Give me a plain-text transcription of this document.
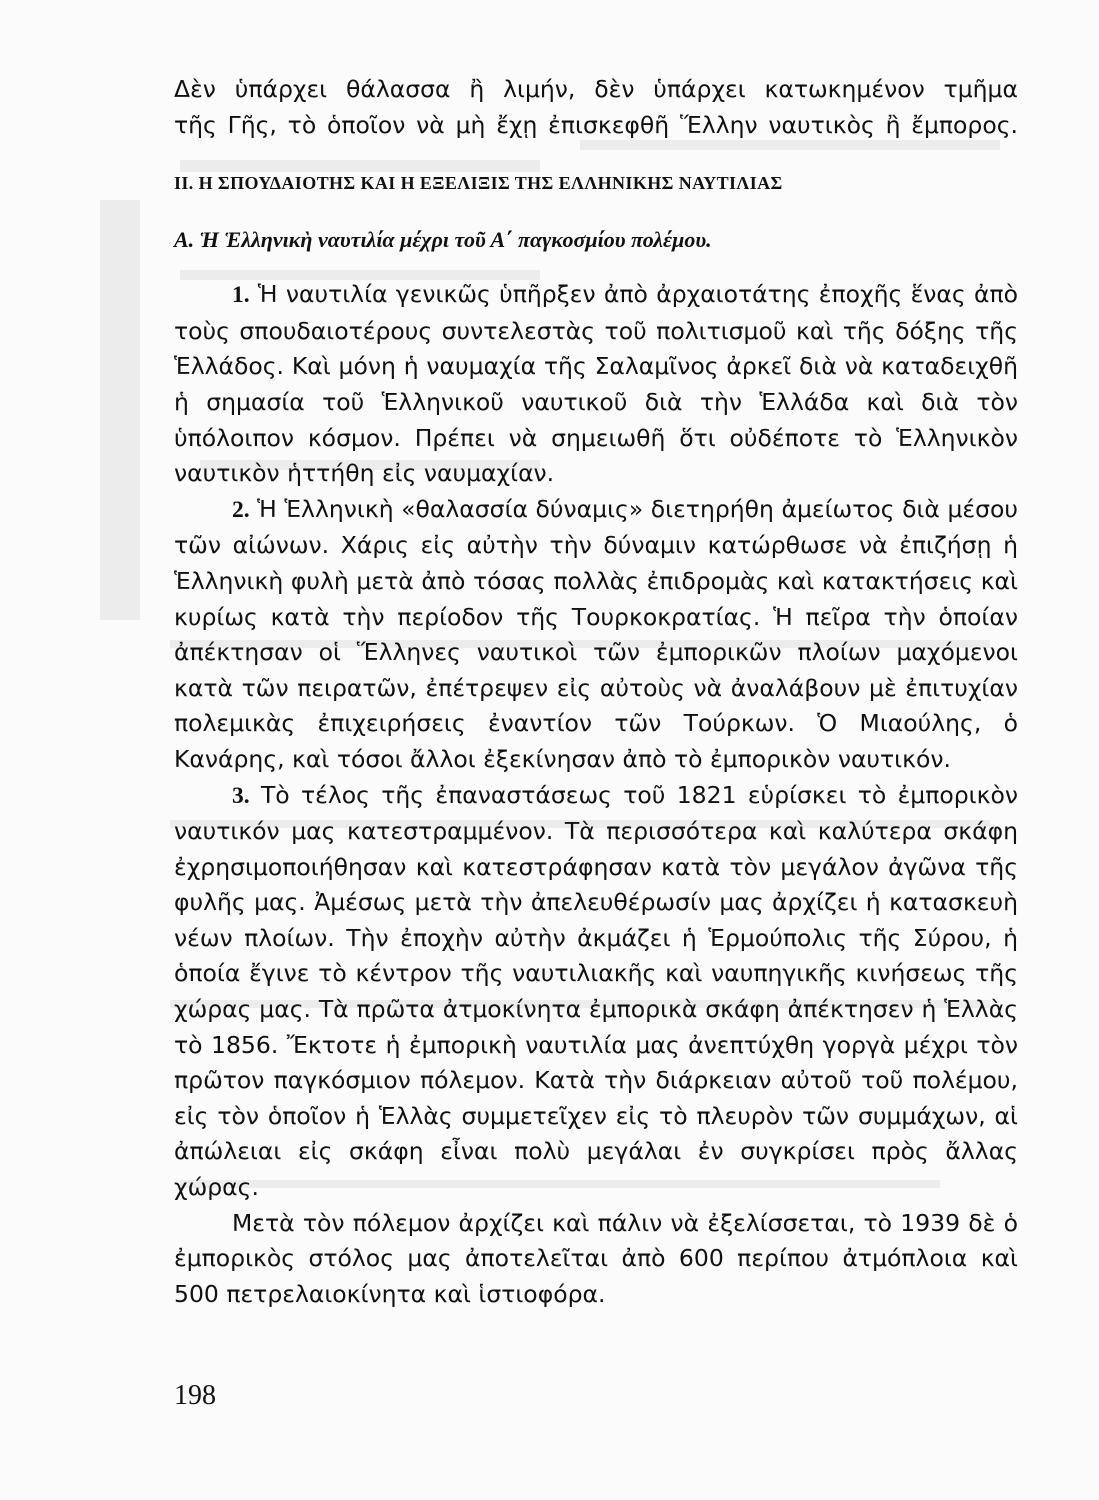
Δὲν ὑπάρχει θάλασσα ἢ λιμήν, δὲν ὑπάρχει κατωκημένον τμῆμα

τῆς Γῆς, τὸ ὁποῖον νὰ μὴ ἔχῃ ἐπισκεφθῆ Ἕλλην ναυτικὸς ἢ ἔμπορος.

ΙΙ. Η ΣΠΟΥΔΑΙΟΤΗΣ ΚΑΙ Η ΕΞΕΛΙΞΙΣ ΤΗΣ ΕΛΛΗΝΙΚΗΣ ΝΑΥΤΙΛΙΑΣ

Α. Ἡ Ἑλληνικὴ ναυτιλία μέχρι τοῦ Α΄ παγκοσμίου πολέμου.

1. Ἡ ναυτιλία γενικῶς ὑπῆρξεν ἀπὸ ἀρχαιοτάτης ἐποχῆς ἕνας ἀπὸ τοὺς σπουδαιοτέρους συντελεστὰς τοῦ πολιτισμοῦ καὶ τῆς δόξης τῆς Ἑλλάδος. Καὶ μόνη ἡ ναυμαχία τῆς Σαλαμῖνος ἀρκεῖ διὰ νὰ καταδειχθῆ ἡ σημασία τοῦ Ἑλληνικοῦ ναυτικοῦ διὰ τὴν Ἑλλάδα καὶ διὰ τὸν ὑπόλοιπον κόσμον. Πρέπει νὰ σημειωθῆ ὅτι οὐδέποτε τὸ Ἑλληνικὸν ναυτικὸν ἡττήθη εἰς ναυμαχίαν.

2. Ἡ Ἑλληνικὴ «θαλασσία δύναμις» διετηρήθη ἀμείωτος διὰ μέσου τῶν αἰώνων. Χάρις εἰς αὐτὴν τὴν δύναμιν κατώρθωσε νὰ ἐπιζήσῃ ἡ Ἑλληνικὴ φυλὴ μετὰ ἀπὸ τόσας πολλὰς ἐπιδρομὰς καὶ κατακτήσεις καὶ κυρίως κατὰ τὴν περίοδον τῆς Τουρκοκρατίας. Ἡ πεῖρα τὴν ὁποίαν ἀπέκτησαν οἱ Ἕλληνες ναυτικοὶ τῶν ἐμπορικῶν πλοίων μαχόμενοι κατὰ τῶν πειρατῶν, ἐπέτρεψεν εἰς αὐτοὺς νὰ ἀναλάβουν μὲ ἐπιτυχίαν πολεμικὰς ἐπιχειρήσεις ἐναντίον τῶν Τούρκων. Ὁ Μιαούλης, ὁ Κανάρης, καὶ τόσοι ἄλλοι ἐξεκίνησαν ἀπὸ τὸ ἐμπορικὸν ναυτικόν.

3. Τὸ τέλος τῆς ἐπαναστάσεως τοῦ 1821 εὑρίσκει τὸ ἐμπορικὸν ναυτικόν μας κατεστραμμένον. Τὰ περισσότερα καὶ καλύτερα σκάφη ἐχρησιμοποιήθησαν καὶ κατεστράφησαν κατὰ τὸν μεγάλον ἀγῶνα τῆς φυλῆς μας. Ἀμέσως μετὰ τὴν ἀπελευθέρωσίν μας ἀρχίζει ἡ κατασκευὴ νέων πλοίων. Τὴν ἐποχὴν αὐτὴν ἀκμάζει ἡ Ἑρμούπολις τῆς Σύρου, ἡ ὁποία ἔγινε τὸ κέντρον τῆς ναυτιλιακῆς καὶ ναυπηγικῆς κινήσεως τῆς χώρας μας. Τὰ πρῶτα ἀτμοκίνητα ἐμπορικὰ σκάφη ἀπέκτησεν ἡ Ἑλλὰς τὸ 1856. Ἔκτοτε ἡ ἐμπορικὴ ναυτιλία μας ἀνεπτύχθη γοργὰ μέχρι τὸν πρῶτον παγκόσμιον πόλεμον. Κατὰ τὴν διάρκειαν αὐτοῦ τοῦ πολέμου, εἰς τὸν ὁποῖον ἡ Ἑλλὰς συμμετεῖχεν εἰς τὸ πλευρὸν τῶν συμμάχων, αἱ ἀπώλειαι εἰς σκάφη εἶναι πολὺ μεγάλαι ἐν συγκρίσει πρὸς ἄλλας χώρας.

Μετὰ τὸν πόλεμον ἀρχίζει καὶ πάλιν νὰ ἐξελίσσεται, τὸ 1939 δὲ ὁ ἐμπορικὸς στόλος μας ἀποτελεῖται ἀπὸ 600 περίπου ἀτμόπλοια καὶ 500 πετρελαιοκίνητα καὶ ἱστιοφόρα.

198
